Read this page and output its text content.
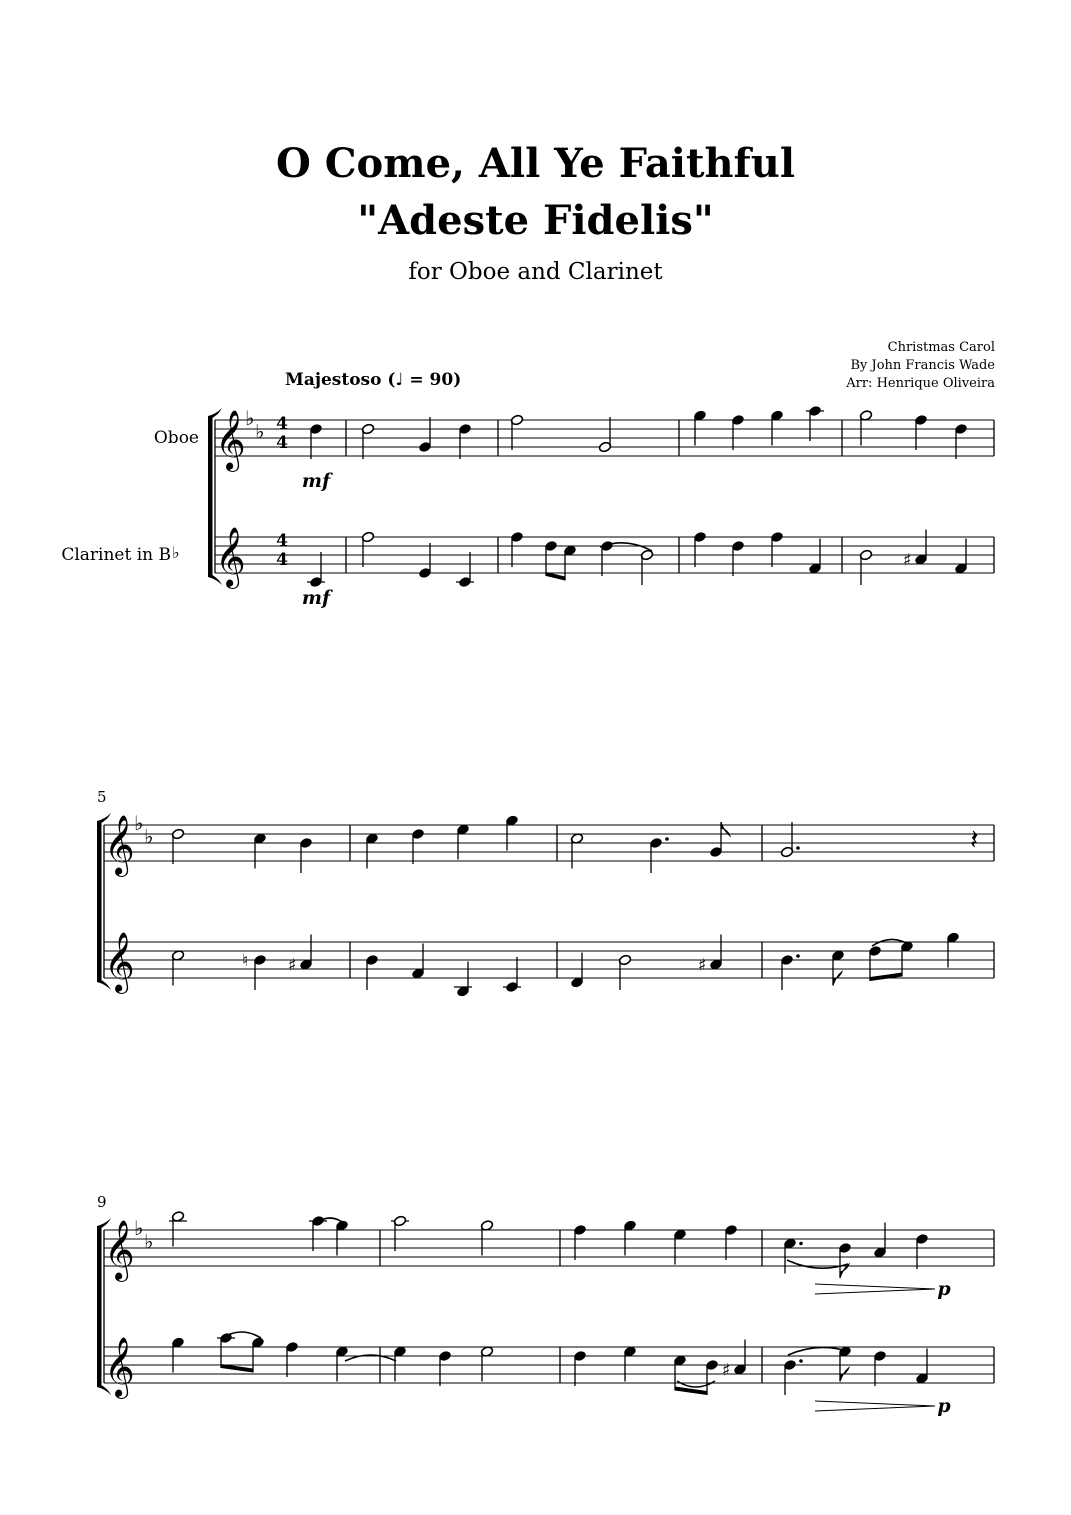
O Come, All Ye Faithful
"Adeste Fidelis"
for Oboe and Clarinet
Christmas Carol
By John Francis Wade
Arr: Henrique Oliveira
Majestoso (♩ = 90)
Oboe
Clarinet in B ♭
𝄞
𝄞
♭
♭
♯
𝄞
𝄞
♭
♭	𝄽
♮ ♯	♯
𝄞
𝄞
♭
♭
♯
5
9
4
4
4
4
mf
mf
p
p
